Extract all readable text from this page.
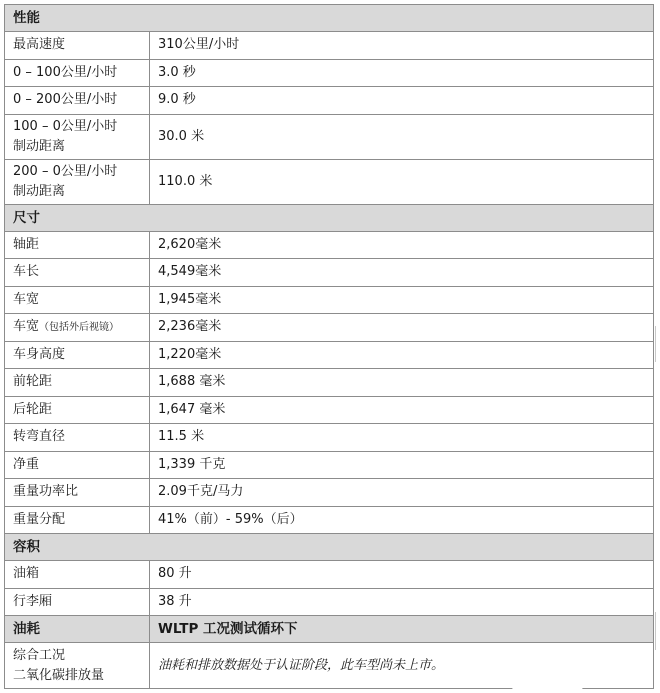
性能	
最高速度	310公里/小时
0 – 100公里/小时	3.0 秒
0 – 200公里/小时	9.0 秒

100 – 0公里/小时
制动距离	30.0 米

200 – 0公里/小时
制动距离	110.0 米
尺寸	
轴距	2,620毫米
车长	4,549毫米
车宽	1,945毫米
车宽（包括外后视镜）	2,236毫米
车身高度	1,220毫米
前轮距	1,688 毫米
后轮距	1,647 毫米
转弯直径	11.5 米
净重	1,339 千克
重量功率比	2.09千克/马力
重量分配	41%（前）- 59%（后）
容积	
油箱	80 升
行李厢	38 升
油耗	WLTP 工况测试循环下

综合工况
二氧化碳排放量	油耗和排放数据处于认证阶段，此车型尚未上市。
